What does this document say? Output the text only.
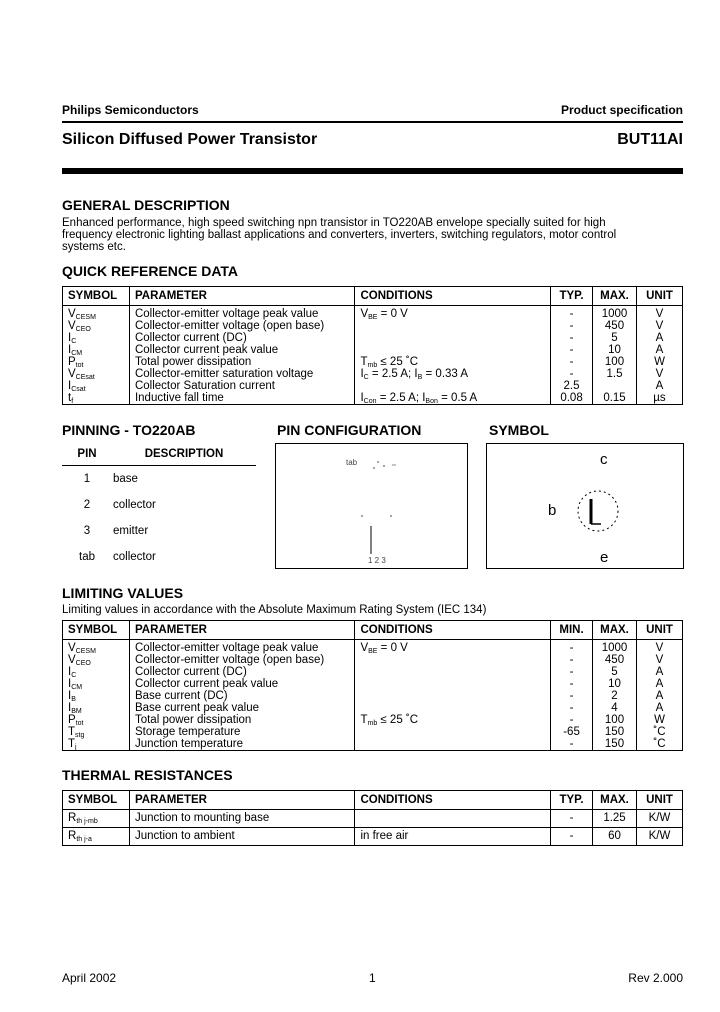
Philips Semiconductors	Product specification
Silicon Diffused Power Transistor	BUT11AI
GENERAL DESCRIPTION
Enhanced performance, high speed switching npn transistor in TO220AB envelope specially suited for high
frequency electronic lighting ballast applications and converters, inverters, switching regulators, motor control
systems etc.
QUICK REFERENCE DATA
SYMBOL	PARAMETER	CONDITIONS	TYP.	MAX.	UNIT
$V_{CESM}$	Collector-emitter voltage peak value	$V_{BE} = 0$ V	-	1000	V
$V_{CEO}$	Collector-emitter voltage (open base)		-	450	V
$I_C$	Collector current (DC)		-	5	A
$I_{CM}$	Collector current peak value		-	10	A
$P_{tot}$	Total power dissipation	$T_{mb} \le 25$ ˚C	-	100	W
$V_{CEsat}$	Collector-emitter saturation voltage	$I_C = 2.5$ A; $I_B = 0.33$ A	-	1.5	V
$I_{Csat}$	Collector Saturation current		2.5		A
$t_f$	Inductive fall time	$I_{Con} = 2.5$ A; $I_{Bon} = 0.5$ A	0.08	0.15	µs
PINNING - TO220AB
PIN	DESCRIPTION
1	base
2	collector
3	emitter
tab	collector
PIN CONFIGURATION
tab
1 2 3
SYMBOL
c
b
e
LIMITING VALUES
Limiting values in accordance with the Absolute Maximum Rating System (IEC 134)
SYMBOL	PARAMETER	CONDITIONS	MIN.	MAX.	UNIT
$V_{CESM}$	Collector-emitter voltage peak value	$V_{BE} = 0$ V	-	1000	V
$V_{CEO}$	Collector-emitter voltage (open base)		-	450	V
$I_C$	Collector current (DC)		-	5	A
$I_{CM}$	Collector current peak value		-	10	A
$I_B$	Base current (DC)		-	2	A
$I_{BM}$	Base current peak value		-	4	A
$P_{tot}$	Total power dissipation	$T_{mb} \le 25$ ˚C	-	100	W
$T_{stg}$	Storage temperature		-65	150	˚C
$T_j$	Junction temperature		-	150	˚C
THERMAL RESISTANCES
SYMBOL	PARAMETER	CONDITIONS	TYP.	MAX.	UNIT
$R_{th j-mb}$	Junction to mounting base		-	1.25	K/W
$R_{th j-a}$	Junction to ambient	in free air	-	60	K/W
April 2002	1	Rev 2.000
